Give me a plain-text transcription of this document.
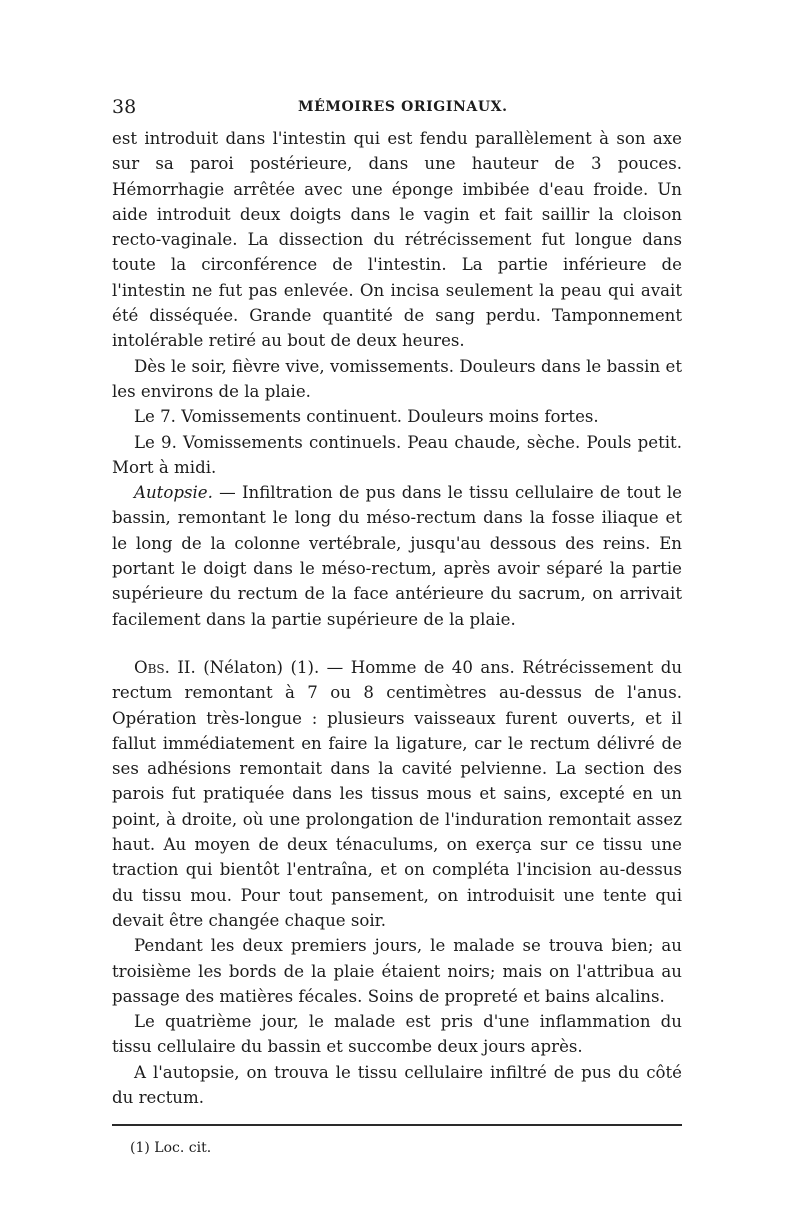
38	MÉMOIRES ORIGINAUX.

est introduit dans l'intestin qui est fendu parallèlement à son axe sur sa paroi postérieure, dans une hauteur de 3 pouces. Hémorrhagie arrêtée avec une éponge imbibée d'eau froide. Un aide introduit deux doigts dans le vagin et fait saillir la cloison recto-vaginale. La dissection du rétrécissement fut longue dans toute la circonférence de l'intestin. La partie inférieure de l'intestin ne fut pas enlevée. On incisa seulement la peau qui avait été disséquée. Grande quantité de sang perdu. Tamponnement intolérable retiré au bout de deux heures.

Dès le soir, fièvre vive, vomissements. Douleurs dans le bassin et les environs de la plaie.

Le 7. Vomissements continuent. Douleurs moins fortes.

Le 9. Vomissements continuels. Peau chaude, sèche. Pouls petit. Mort à midi.

Autopsie. — Infiltration de pus dans le tissu cellulaire de tout le bassin, remontant le long du méso-rectum dans la fosse iliaque et le long de la colonne vertébrale, jusqu'au dessous des reins. En portant le doigt dans le méso-rectum, après avoir séparé la partie supérieure du rectum de la face antérieure du sacrum, on arrivait facilement dans la partie supérieure de la plaie.

Obs. II. (Nélaton) (1). — Homme de 40 ans. Rétrécissement du rectum remontant à 7 ou 8 centimètres au-dessus de l'anus. Opération très-longue : plusieurs vaisseaux furent ouverts, et il fallut immédiatement en faire la ligature, car le rectum délivré de ses adhésions remontait dans la cavité pelvienne. La section des parois fut pratiquée dans les tissus mous et sains, excepté en un point, à droite, où une prolongation de l'induration remontait assez haut. Au moyen de deux ténaculums, on exerça sur ce tissu une traction qui bientôt l'entraîna, et on compléta l'incision au-dessus du tissu mou. Pour tout pansement, on introduisit une tente qui devait être changée chaque soir.

Pendant les deux premiers jours, le malade se trouva bien; au troisième les bords de la plaie étaient noirs; mais on l'attribua au passage des matières fécales. Soins de propreté et bains alcalins.

Le quatrième jour, le malade est pris d'une inflammation du tissu cellulaire du bassin et succombe deux jours après.

A l'autopsie, on trouva le tissu cellulaire infiltré de pus du côté du rectum.

(1) Loc. cit.
